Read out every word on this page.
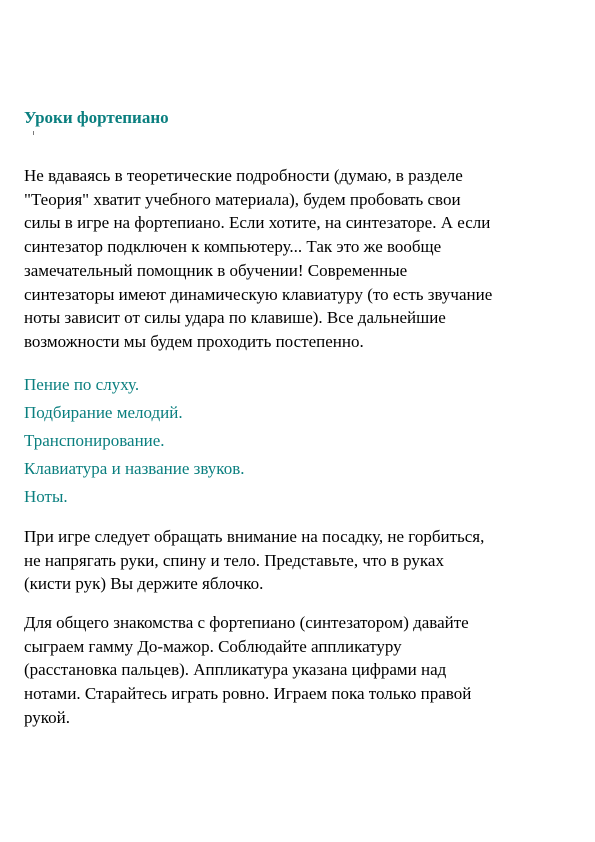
Уроки фортепиано

Не вдаваясь в теоретические подробности (думаю, в разделе
"Теория" хватит учебного материала), будем пробовать свои
силы в игре на фортепиано. Если хотите, на синтезаторе. А если
синтезатор подключен к компьютеру... Так это же вообще
замечательный помощник в обучении! Современные
синтезаторы имеют динамическую клавиатуру (то есть звучание
ноты зависит от силы удара по клавише). Все дальнейшие
возможности мы будем проходить постепенно.

Пение по слуху.
Подбирание мелодий.
Транспонирование.
Клавиатура и название звуков.
Ноты.

При игре следует обращать внимание на посадку, не горбиться,
не напрягать руки, спину и тело. Представьте, что в руках
(кисти рук) Вы держите яблочко.

Для общего знакомства с фортепиано (синтезатором) давайте
сыграем гамму До-мажор. Соблюдайте аппликатуру
(расстановка пальцев). Аппликатура указана цифрами над
нотами. Старайтесь играть ровно. Играем пока только правой
рукой.
